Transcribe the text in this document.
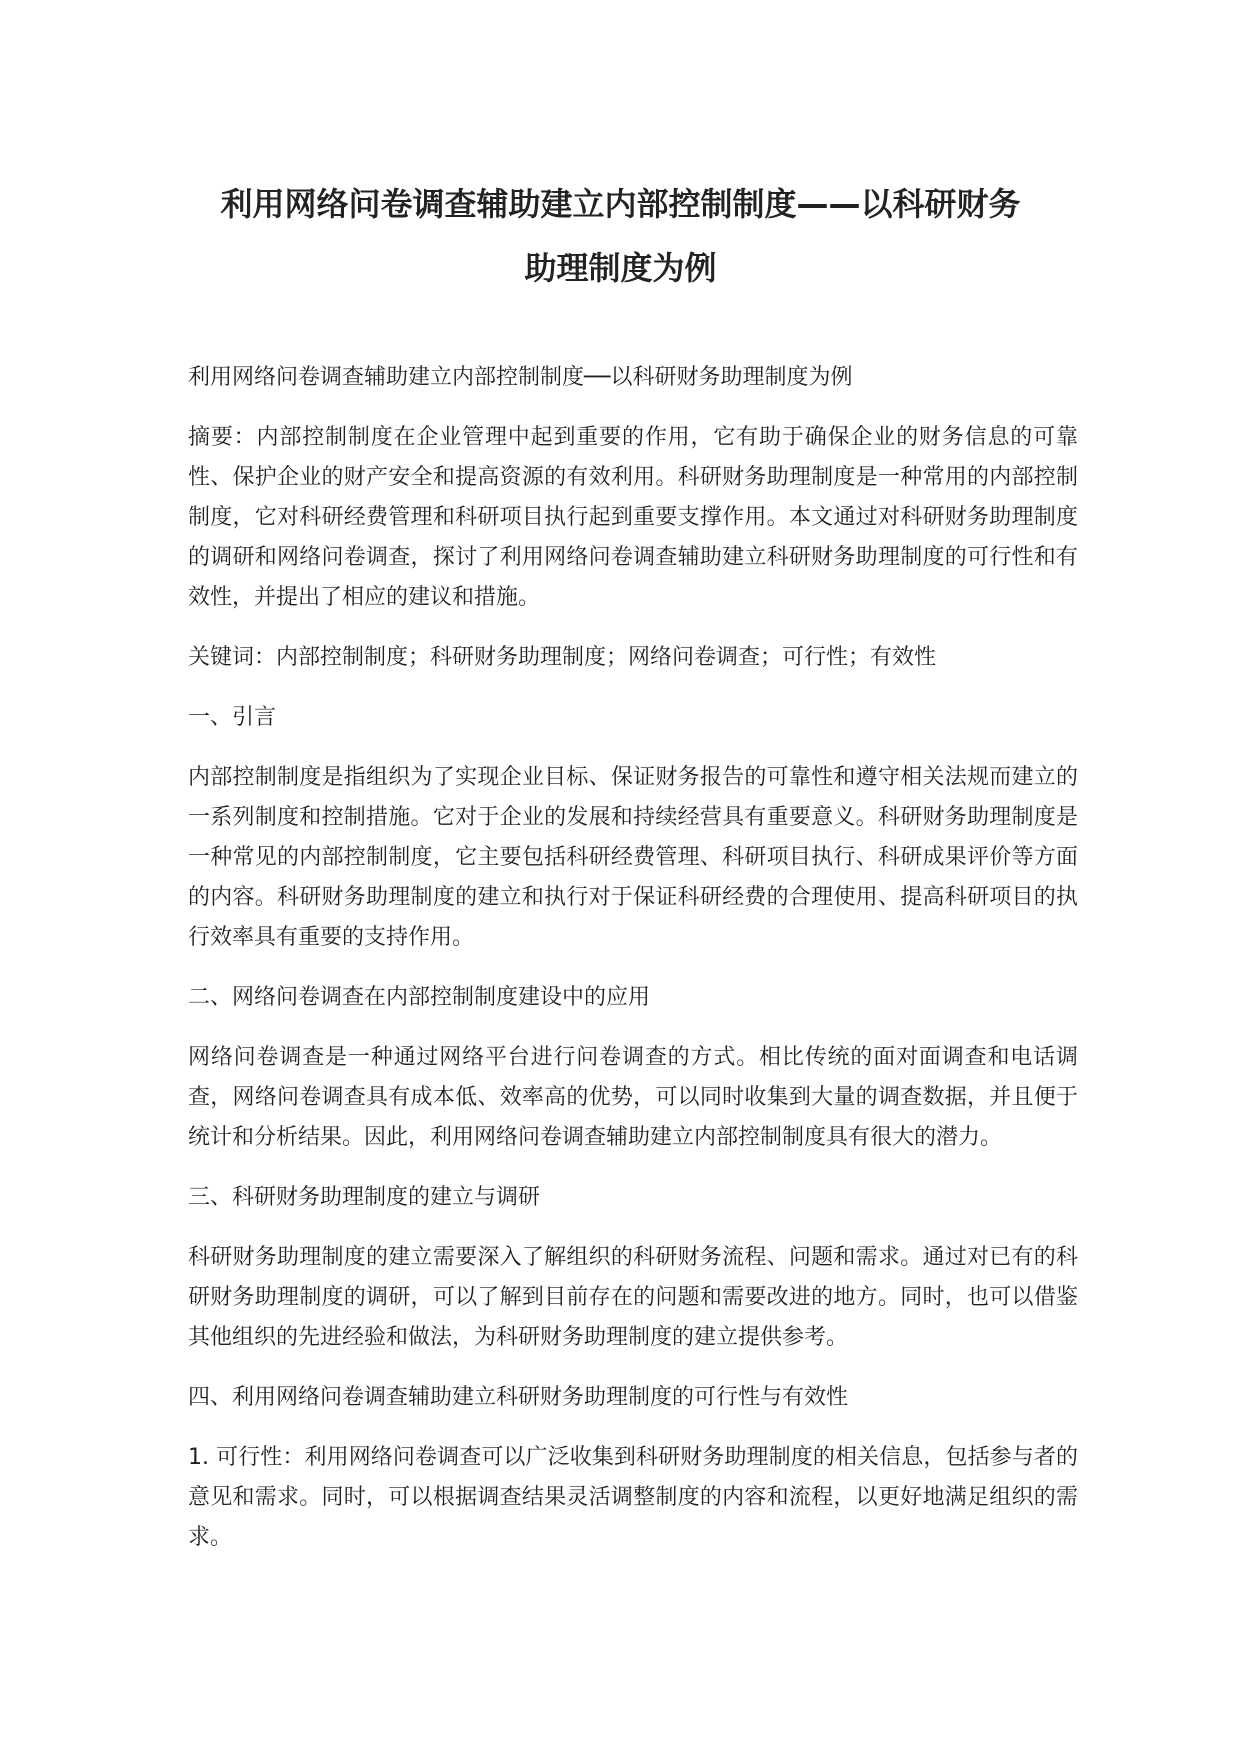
利用网络问卷调查辅助建立内部控制制度——以科研财务
助理制度为例

利用网络问卷调查辅助建立内部控制制度──以科研财务助理制度为例

摘要：内部控制制度在企业管理中起到重要的作用，它有助于确保企业的财务信息的可靠性、保护企业的财产安全和提高资源的有效利用。科研财务助理制度是一种常用的内部控制制度，它对科研经费管理和科研项目执行起到重要支撑作用。本文通过对科研财务助理制度的调研和网络问卷调查，探讨了利用网络问卷调查辅助建立科研财务助理制度的可行性和有效性，并提出了相应的建议和措施。

关键词：内部控制制度；科研财务助理制度；网络问卷调查；可行性；有效性

一、引言

内部控制制度是指组织为了实现企业目标、保证财务报告的可靠性和遵守相关法规而建立的一系列制度和控制措施。它对于企业的发展和持续经营具有重要意义。科研财务助理制度是一种常见的内部控制制度，它主要包括科研经费管理、科研项目执行、科研成果评价等方面的内容。科研财务助理制度的建立和执行对于保证科研经费的合理使用、提高科研项目的执行效率具有重要的支持作用。

二、网络问卷调查在内部控制制度建设中的应用

网络问卷调查是一种通过网络平台进行问卷调查的方式。相比传统的面对面调查和电话调查，网络问卷调查具有成本低、效率高的优势，可以同时收集到大量的调查数据，并且便于统计和分析结果。因此，利用网络问卷调查辅助建立内部控制制度具有很大的潜力。

三、科研财务助理制度的建立与调研

科研财务助理制度的建立需要深入了解组织的科研财务流程、问题和需求。通过对已有的科研财务助理制度的调研，可以了解到目前存在的问题和需要改进的地方。同时，也可以借鉴其他组织的先进经验和做法，为科研财务助理制度的建立提供参考。

四、利用网络问卷调查辅助建立科研财务助理制度的可行性与有效性

1. 可行性：利用网络问卷调查可以广泛收集到科研财务助理制度的相关信息，包括参与者的意见和需求。同时，可以根据调查结果灵活调整制度的内容和流程，以更好地满足组织的需求。
